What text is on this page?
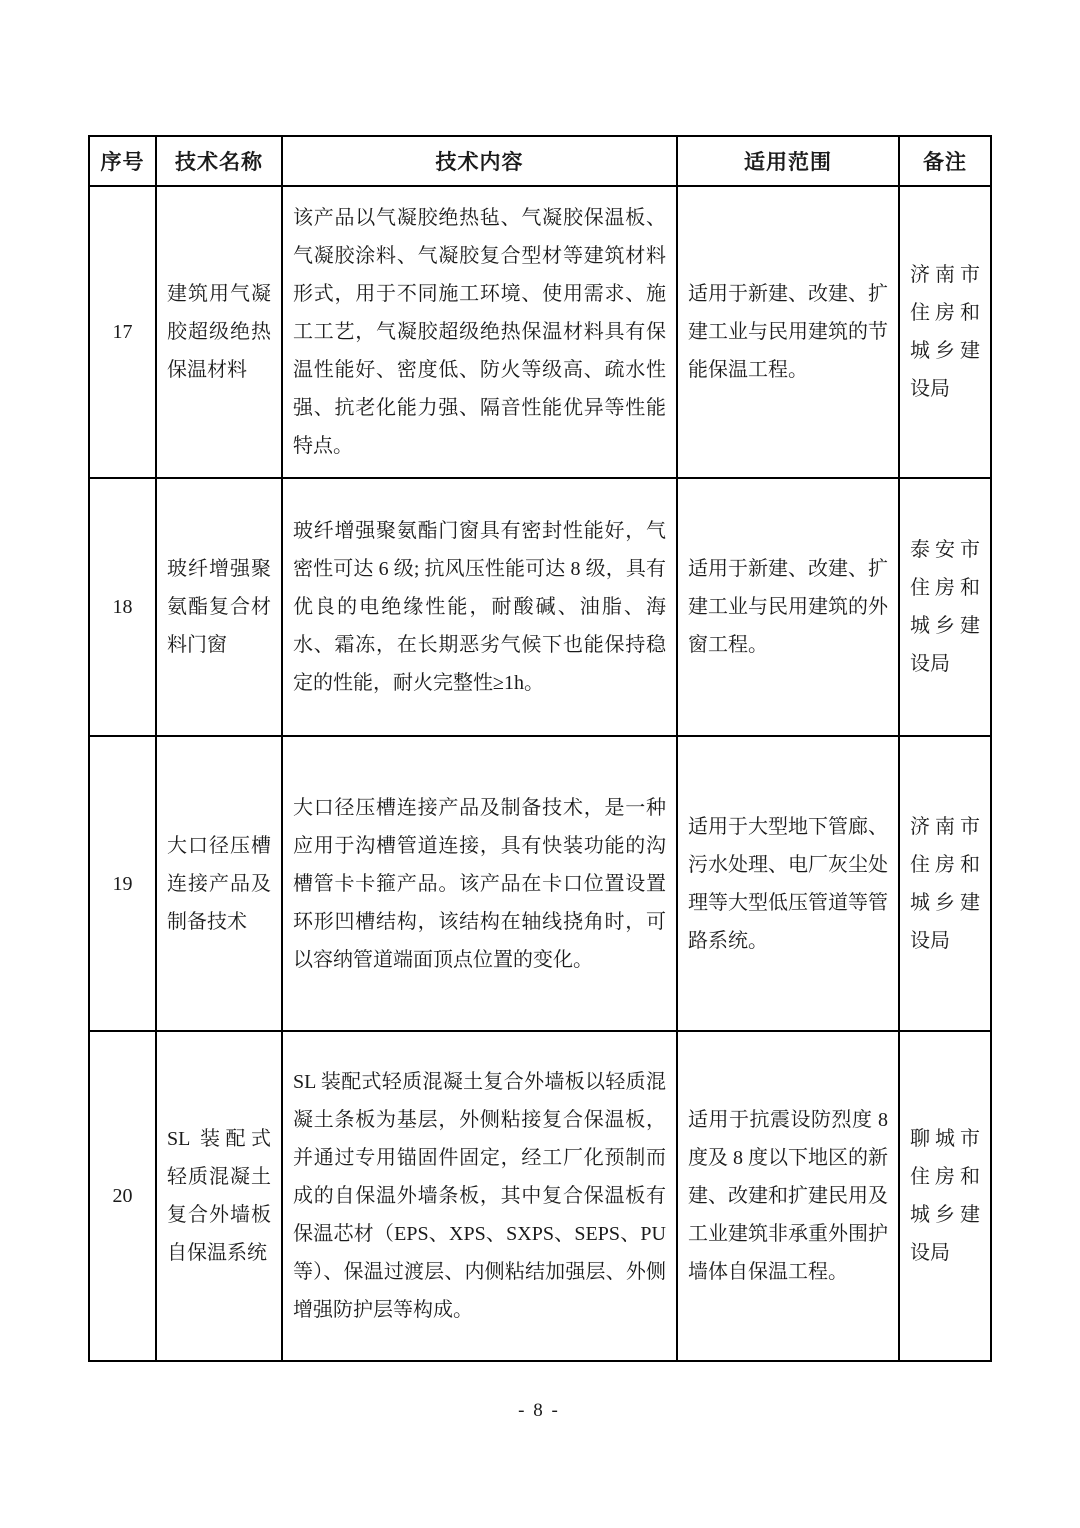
序号	技术名称	技术内容	适用范围	备注
17	建筑用气凝胶超级绝热保温材料	该产品以气凝胶绝热毡、气凝胶保温板、气凝胶涂料、气凝胶复合型材等建筑材料形式，用于不同施工环境、使用需求、施工工艺，气凝胶超级绝热保温材料具有保温性能好、密度低、防火等级高、疏水性强、抗老化能力强、隔音性能优异等性能特点。	适用于新建、改建、扩建工业与民用建筑的节能保温工程。	济南市住房和城乡建设局
18	玻纤增强聚氨酯复合材料门窗	玻纤增强聚氨酯门窗具有密封性能好，气密性可达 6 级; 抗风压性能可达 8 级，具有优良的电绝缘性能，耐酸碱、油脂、海水、霜冻，在长期恶劣气候下也能保持稳定的性能，耐火完整性≥1h。	适用于新建、改建、扩建工业与民用建筑的外窗工程。	泰安市住房和城乡建设局
19	大口径压槽连接产品及制备技术	大口径压槽连接产品及制备技术，是一种应用于沟槽管道连接，具有快装功能的沟槽管卡卡箍产品。该产品在卡口位置设置环形凹槽结构，该结构在轴线挠角时，可以容纳管道端面顶点位置的变化。	适用于大型地下管廊、污水处理、电厂灰尘处理等大型低压管道等管路系统。	济南市住房和城乡建设局
20	SL 装配式轻质混凝土复合外墙板自保温系统	SL 装配式轻质混凝土复合外墙板以轻质混凝土条板为基层，外侧粘接复合保温板，并通过专用锚固件固定，经工厂化预制而成的自保温外墙条板，其中复合保温板有保温芯材（EPS、XPS、SXPS、SEPS、PU 等）、保温过渡层、内侧粘结加强层、外侧增强防护层等构成。	适用于抗震设防烈度 8 度及 8 度以下地区的新建、改建和扩建民用及工业建筑非承重外围护墙体自保温工程。	聊城市住房和城乡建设局
- 8 -
